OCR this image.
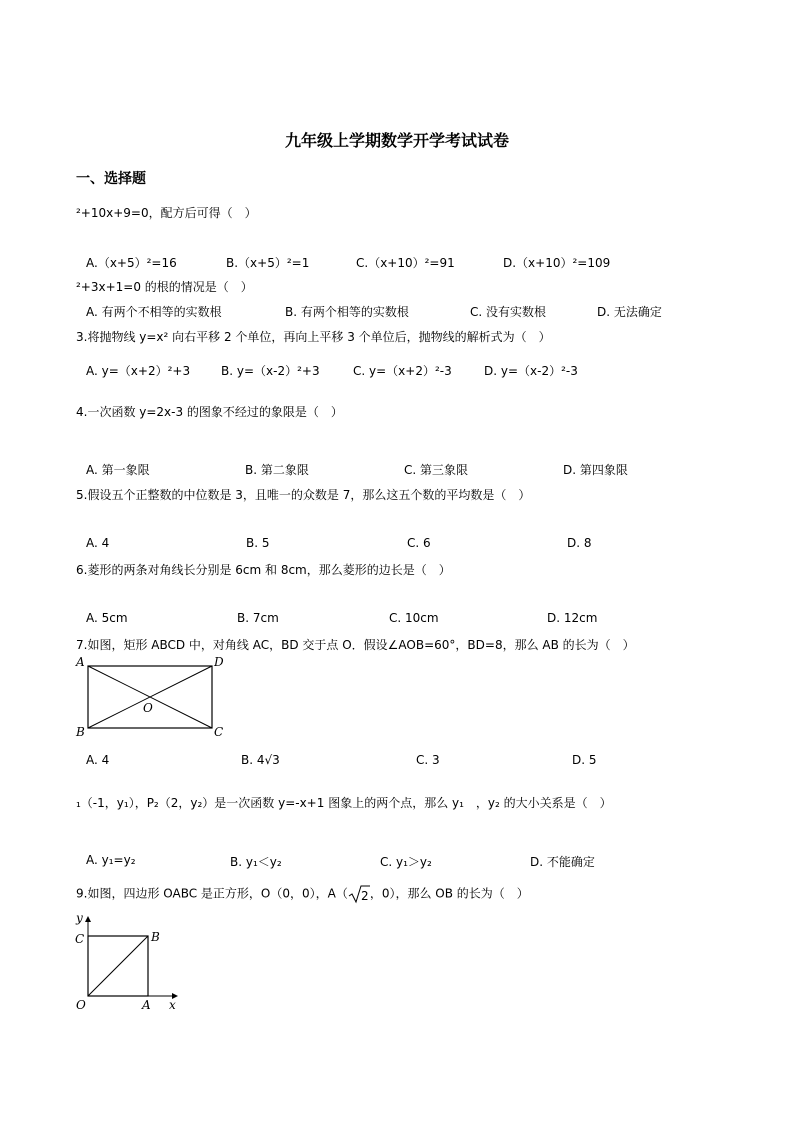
九年级上学期数学开学考试试卷
一、选择题
²+10x+9=0，配方后可得（　）
A.（x+5）²=16	B.（x+5）²=1	C.（x+10）²=91	D.（x+10）²=109
²+3x+1=0 的根的情况是（　）
A. 有两个不相等的实数根	B. 有两个相等的实数根	C. 没有实数根	D. 无法确定
3.将抛物线 y=x² 向右平移 2 个单位，再向上平移 3 个单位后，抛物线的解析式为（　）
A. y=（x+2）²+3	B. y=（x-2）²+3	C. y=（x+2）²-3	D. y=（x-2）²-3
4.一次函数 y=2x-3 的图象不经过的象限是（　）
A. 第一象限	B. 第二象限	C. 第三象限	D. 第四象限
5.假设五个正整数的中位数是 3，且唯一的众数是 7，那么这五个数的平均数是（　）
A. 4	B. 5	C. 6	D. 8
6.菱形的两条对角线长分别是 6cm 和 8cm，那么菱形的边长是（　）
A. 5cm	B. 7cm	C. 10cm	D. 12cm
7.如图，矩形 ABCD 中，对角线 AC，BD 交于点 O．假设∠AOB=60°，BD=8，那么 AB 的长为（　）
A	D
O
B	C
A. 4	B. 4√3	C. 3	D. 5
₁（-1，y₁），P₂（2，y₂）是一次函数 y=-x+1 图象上的两个点，那么 y₁　，y₂ 的大小关系是（　）
A. y₁=y₂	B. y₁＜y₂	C. y₁＞y₂	D. 不能确定
9.如图，四边形 OABC 是正方形，O（0，0），A（ 2 ，0），那么 OB 的长为（　）
y
C	B
O	A x
